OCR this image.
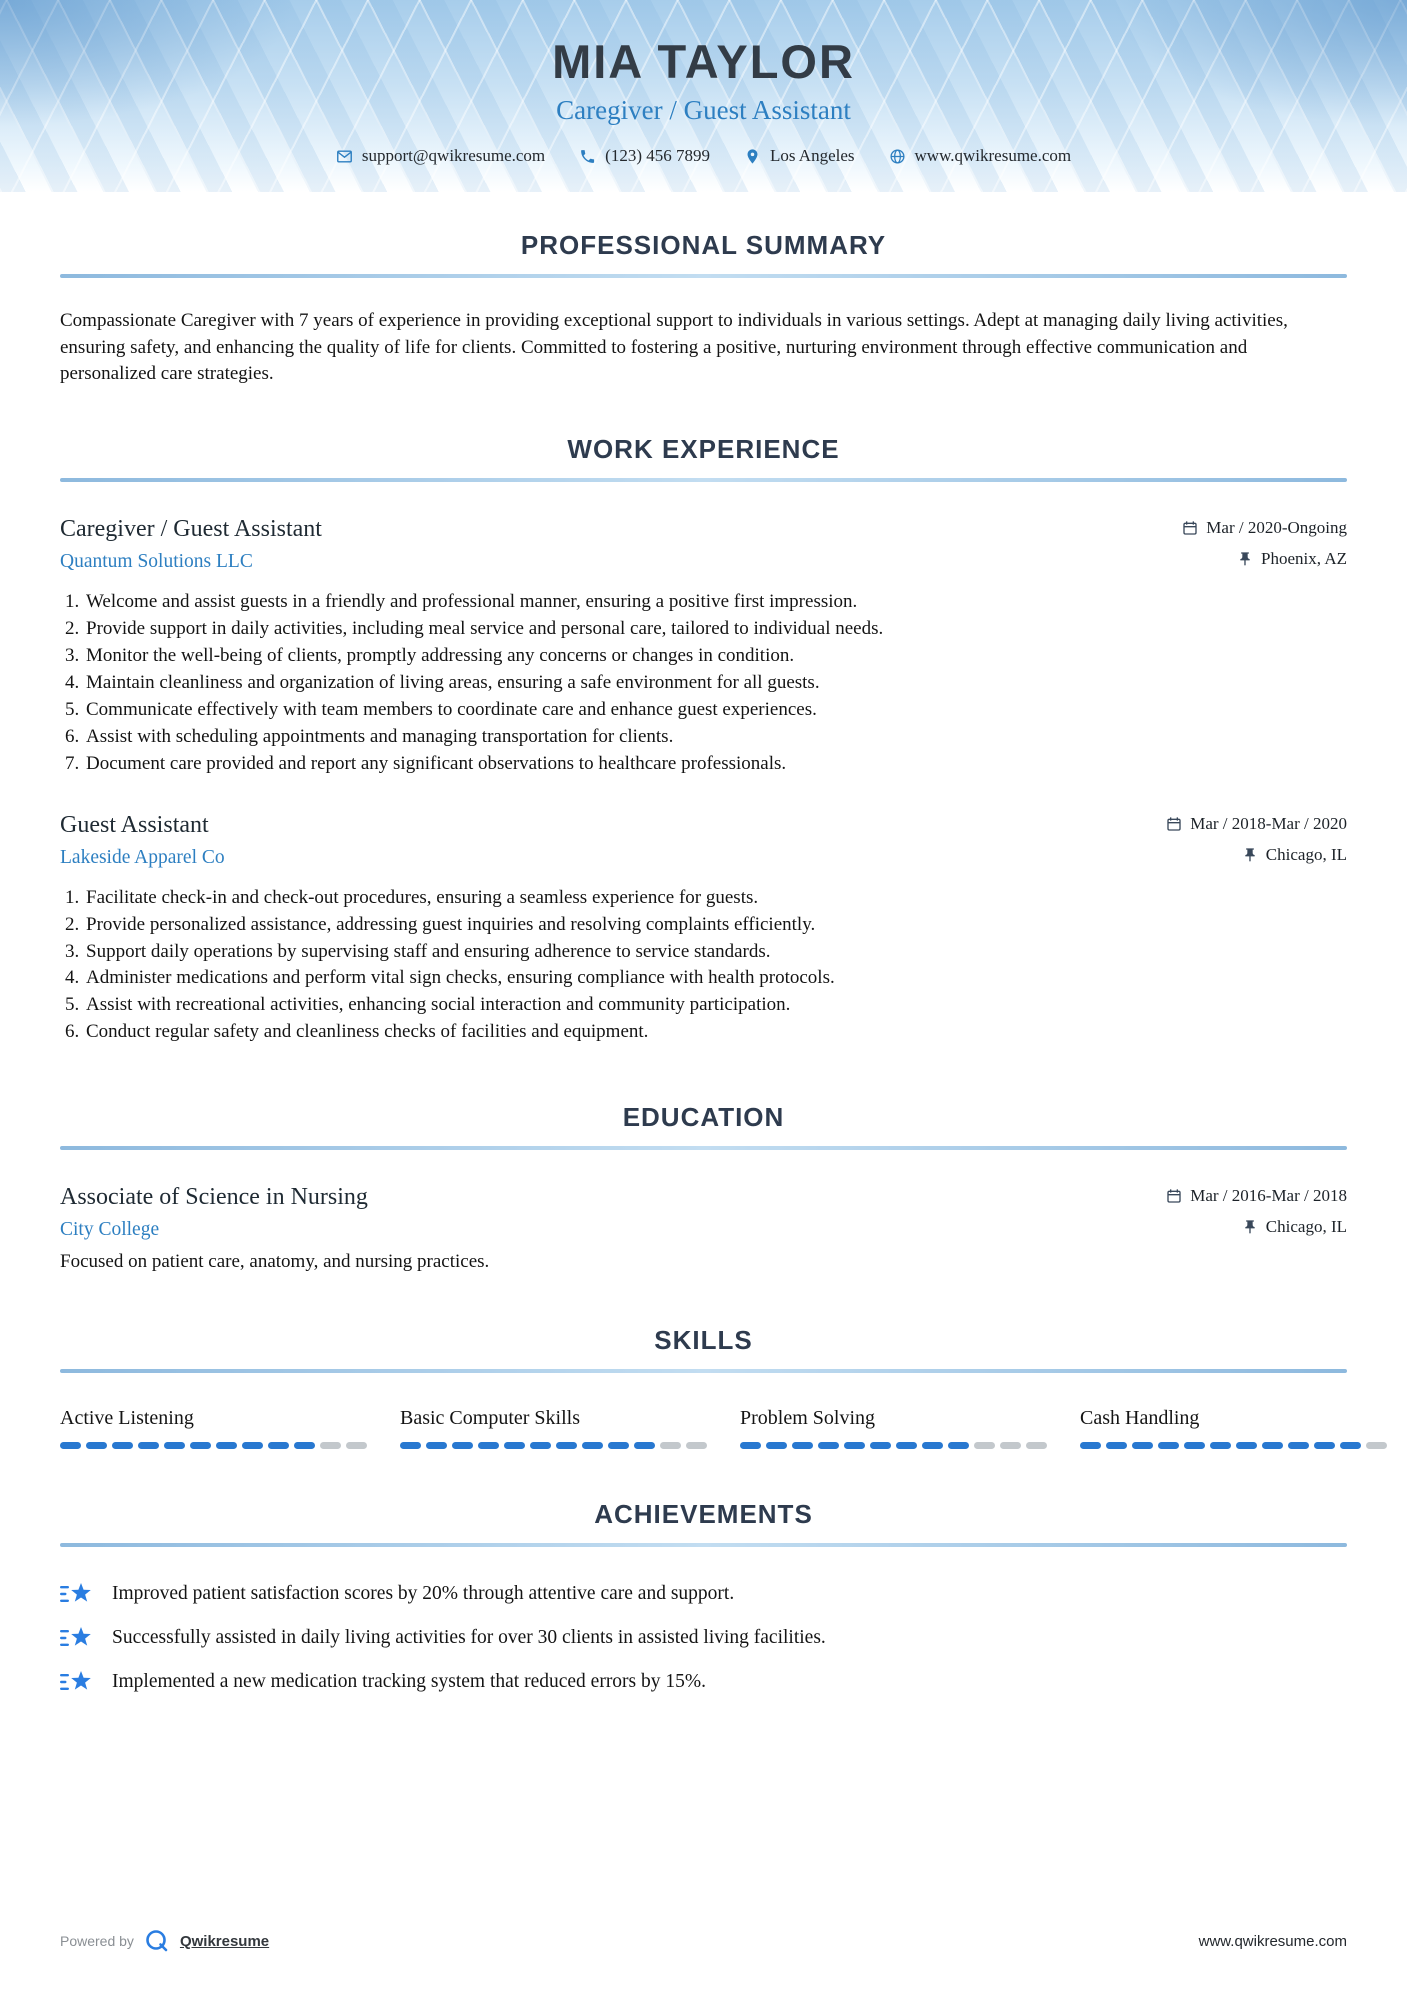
MIA TAYLOR
Caregiver / Guest Assistant
support@qwikresume.com	(123) 456 7899	Los Angeles	www.qwikresume.com
PROFESSIONAL SUMMARY

Compassionate Caregiver with 7 years of experience in providing exceptional support to individuals in various settings. Adept at managing daily living activities, ensuring safety, and enhancing the quality of life for clients. Committed to fostering a positive, nurturing environment through effective communication and personalized care strategies.

WORK EXPERIENCE
Caregiver / Guest Assistant	Mar / 2020-Ongoing
Quantum Solutions LLC	Phoenix, AZ
1. Welcome and assist guests in a friendly and professional manner, ensuring a positive first impression.
2. Provide support in daily activities, including meal service and personal care, tailored to individual needs.
3. Monitor the well-being of clients, promptly addressing any concerns or changes in condition.
4. Maintain cleanliness and organization of living areas, ensuring a safe environment for all guests.
5. Communicate effectively with team members to coordinate care and enhance guest experiences.
6. Assist with scheduling appointments and managing transportation for clients.
7. Document care provided and report any significant observations to healthcare professionals.
Guest Assistant	Mar / 2018-Mar / 2020
Lakeside Apparel Co	Chicago, IL
1. Facilitate check-in and check-out procedures, ensuring a seamless experience for guests.
2. Provide personalized assistance, addressing guest inquiries and resolving complaints efficiently.
3. Support daily operations by supervising staff and ensuring adherence to service standards.
4. Administer medications and perform vital sign checks, ensuring compliance with health protocols.
5. Assist with recreational activities, enhancing social interaction and community participation.
6. Conduct regular safety and cleanliness checks of facilities and equipment.
EDUCATION
Associate of Science in Nursing	Mar / 2016-Mar / 2018
City College	Chicago, IL
Focused on patient care, anatomy, and nursing practices.
SKILLS
Active Listening	Basic Computer Skills	Problem Solving	Cash Handling
ACHIEVEMENTS
Improved patient satisfaction scores by 20% through attentive care and support.
Successfully assisted in daily living activities for over 30 clients in assisted living facilities.
Implemented a new medication tracking system that reduced errors by 15%.
Powered by	Qwikresume	www.qwikresume.com
